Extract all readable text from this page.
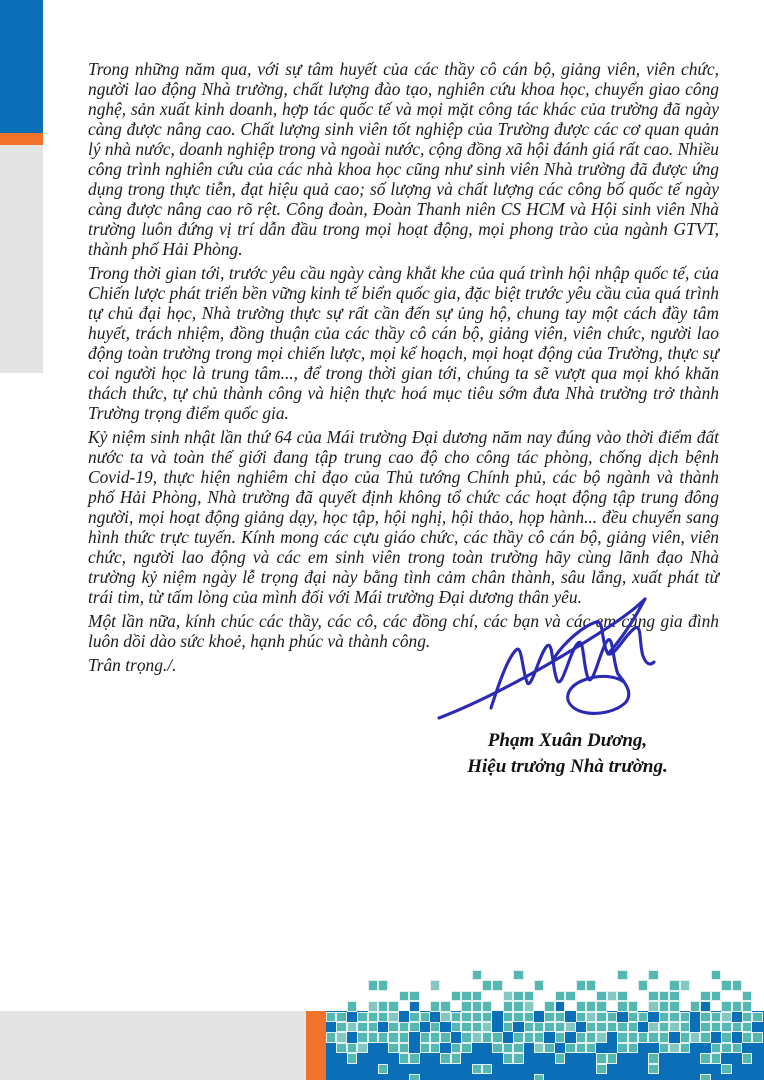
Trong những năm qua, với sự tâm huyết của các thầy cô cán bộ, giảng viên, viên chức, người lao động Nhà trường, chất lượng đào tạo, nghiên cứu khoa học, chuyển giao công nghệ, sản xuất kinh doanh, hợp tác quốc tế và mọi mặt công tác khác của trường đã ngày càng được nâng cao. Chất lượng sinh viên tốt nghiệp của Trường được các cơ quan quản lý nhà nước, doanh nghiệp trong và ngoài nước, cộng đồng xã hội đánh giá rất cao. Nhiều công trình nghiên cứu của các nhà khoa học cũng như sinh viên Nhà trường đã được ứng dụng trong thực tiễn, đạt hiệu quả cao; số lượng và chất lượng các công bố quốc tế ngày càng được nâng cao rõ rệt. Công đoàn, Đoàn Thanh niên CS HCM và Hội sinh viên Nhà trường luôn đứng vị trí dẫn đầu trong mọi hoạt động, mọi phong trào của ngành GTVT, thành phố Hải Phòng.

Trong thời gian tới, trước yêu cầu ngày càng khắt khe của quá trình hội nhập quốc tế, của Chiến lược phát triển bền vững kinh tế biển quốc gia, đặc biệt trước yêu cầu của quá trình tự chủ đại học, Nhà trường thực sự rất cần đến sự ủng hộ, chung tay một cách đầy tâm huyết, trách nhiệm, đồng thuận của các thầy cô cán bộ, giảng viên, viên chức, người lao động toàn trường trong mọi chiến lược, mọi kế hoạch, mọi hoạt động của Trường, thực sự coi người học là trung tâm..., để trong thời gian tới, chúng ta sẽ vượt qua mọi khó khăn thách thức, tự chủ thành công và hiện thực hoá mục tiêu sớm đưa Nhà trường trở thành Trường trọng điểm quốc gia.

Kỷ niệm sinh nhật lần thứ 64 của Mái trường Đại dương năm nay đúng vào thời điểm đất nước ta và toàn thế giới đang tập trung cao độ cho công tác phòng, chống dịch bệnh Covid-19, thực hiện nghiêm chỉ đạo của Thủ tướng Chính phủ, các bộ ngành và thành phố Hải Phòng, Nhà trường đã quyết định không tổ chức các hoạt động tập trung đông người, mọi hoạt động giảng dạy, học tập, hội nghị, hội thảo, họp hành... đều chuyển sang hình thức trực tuyến. Kính mong các cựu giáo chức, các thầy cô cán bộ, giảng viên, viên chức, người lao động và các em sinh viên trong toàn trường hãy cùng lãnh đạo Nhà trường kỷ niệm ngày lễ trọng đại này bằng tình cảm chân thành, sâu lắng, xuất phát từ trái tim, từ tấm lòng của mình đối với Mái trường Đại dương thân yêu.

Một lần nữa, kính chúc các thầy, các cô, các đồng chí, các bạn và các em cùng gia đình luôn dồi dào sức khoẻ, hạnh phúc và thành công.

Trân trọng./.

Phạm Xuân Dương,
Hiệu trưởng Nhà trường.
